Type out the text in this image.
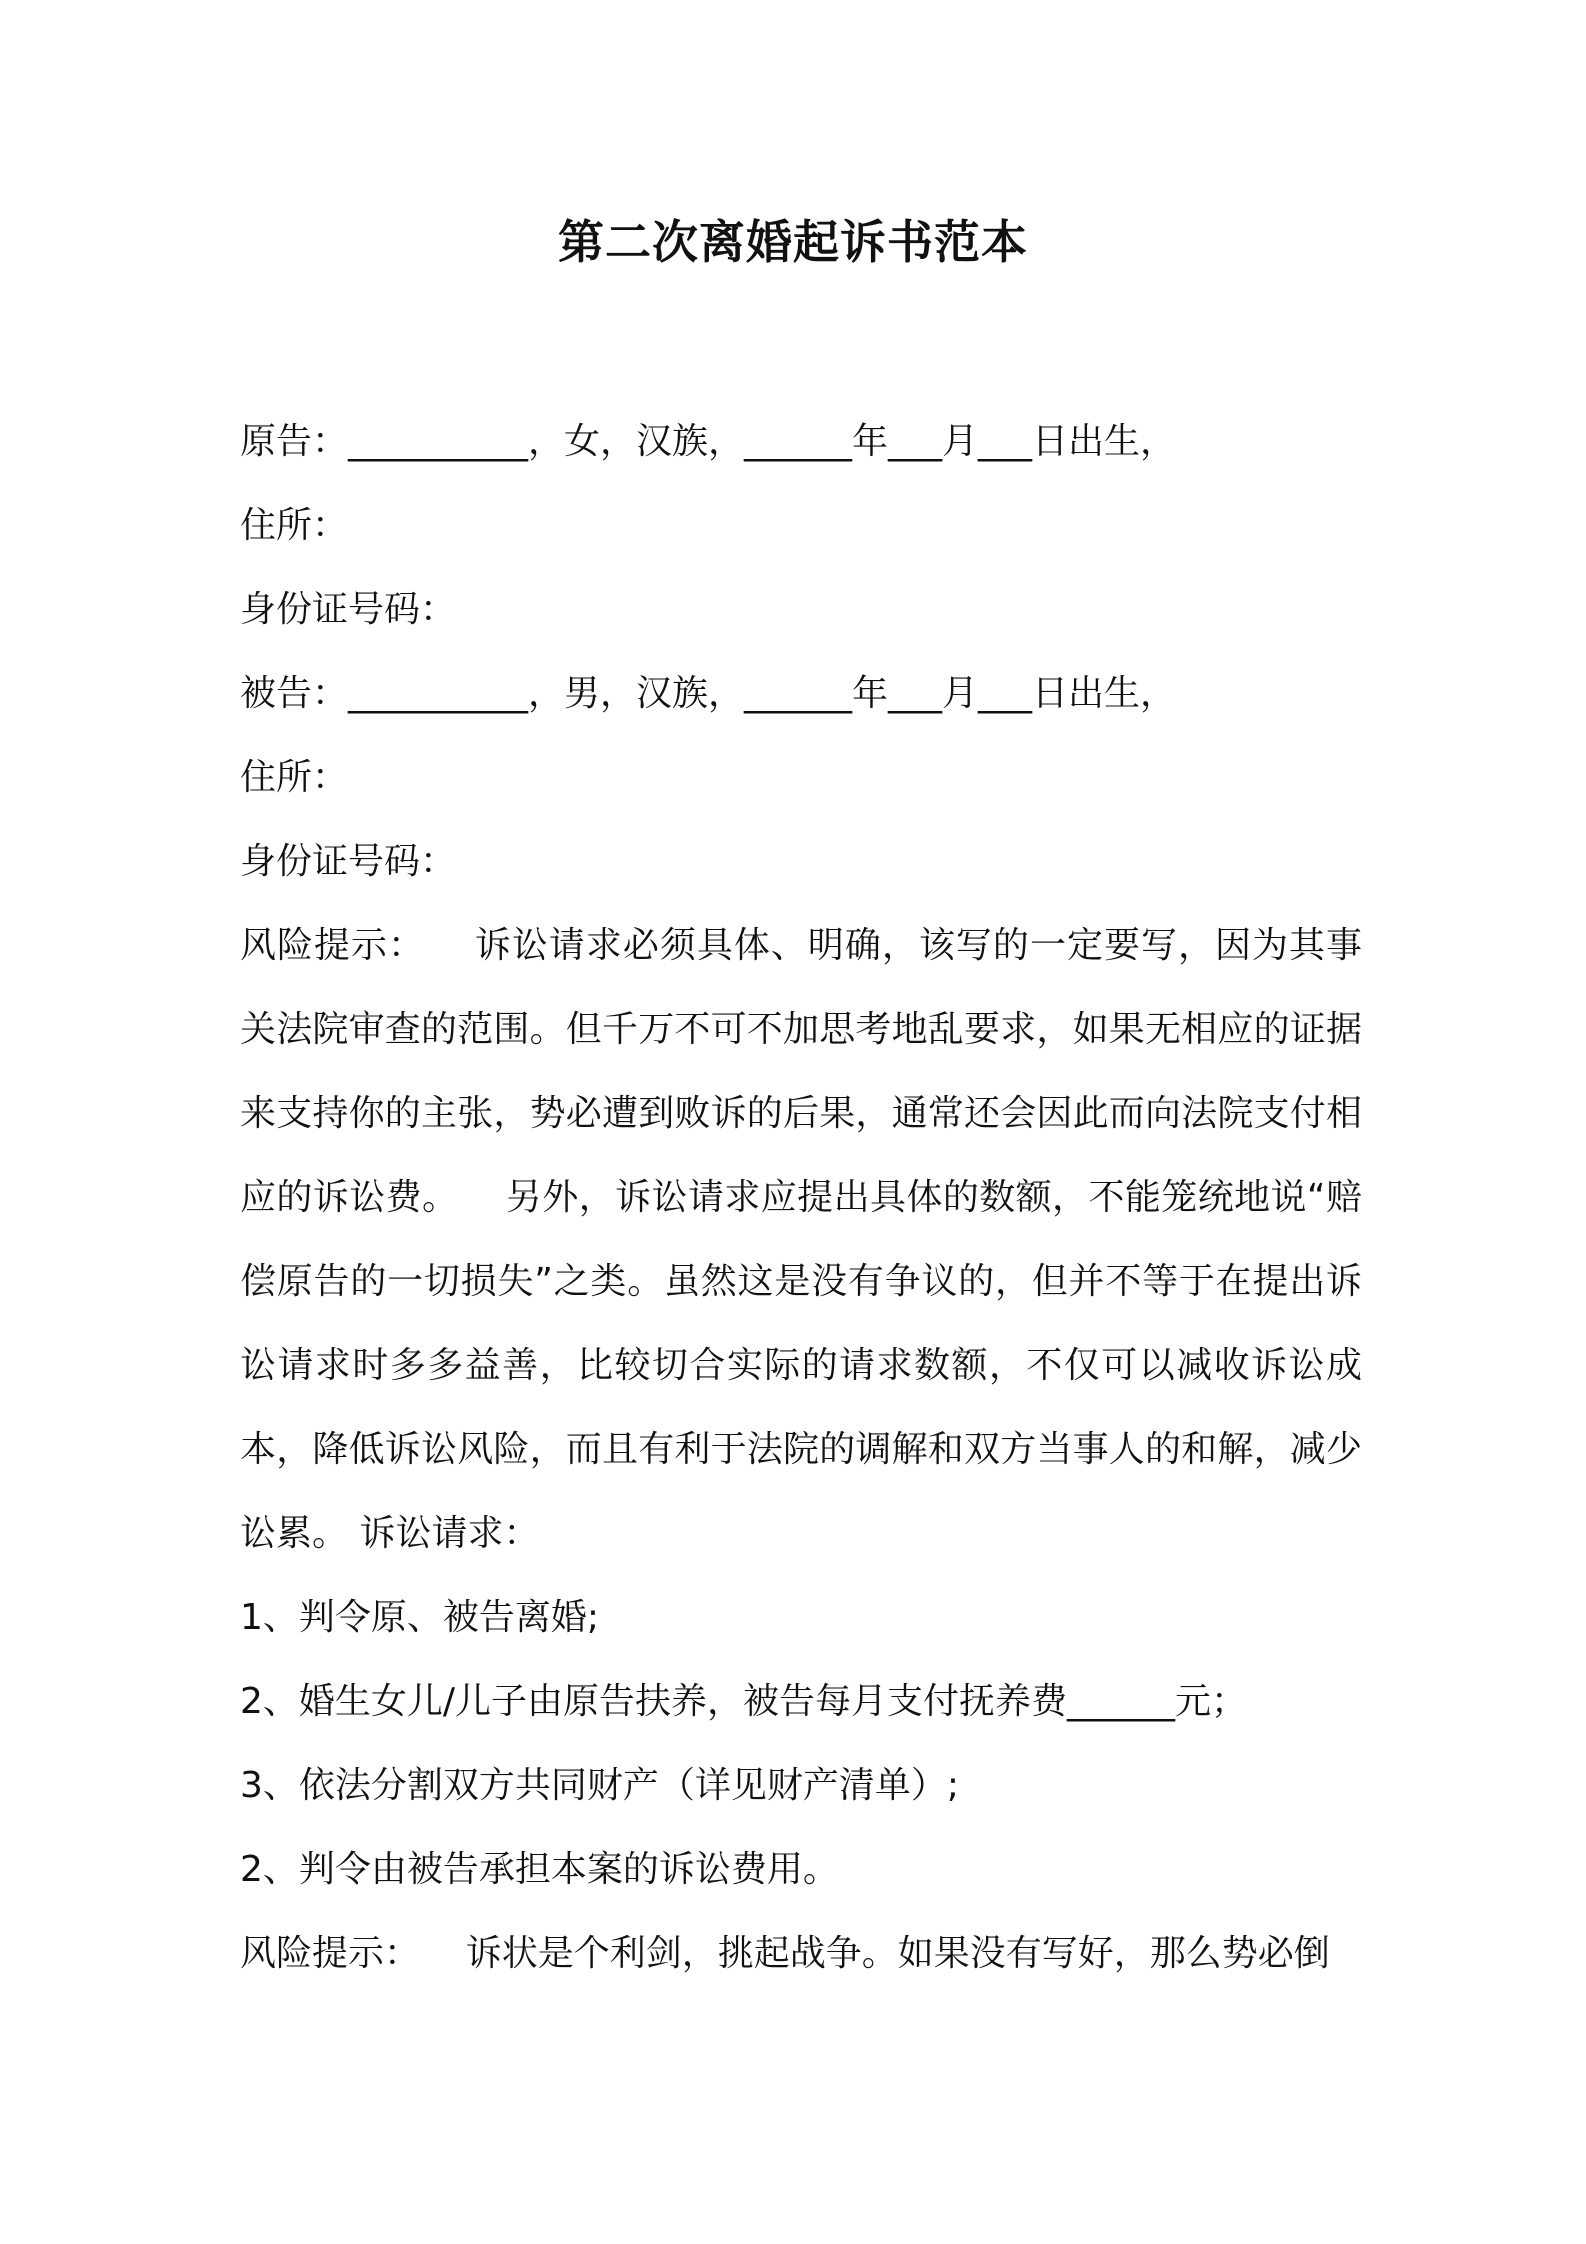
第二次离婚起诉书范本
原告：__________，女，汉族，______年___月___日出生，
住所：
身份证号码：
被告：__________，男，汉族，______年___月___日出生，
住所：
身份证号码：
风险提示：    诉讼请求必须具体、明确，该写的一定要写，因为其事关法院审查的范围。但千万不可不加思考地乱要求，如果无相应的证据来支持你的主张，势必遭到败诉的后果，通常还会因此而向法院支付相应的诉讼费。    另外，诉讼请求应提出具体的数额，不能笼统地说“赔偿原告的一切损失”之类。虽然这是没有争议的，但并不等于在提出诉讼请求时多多益善，比较切合实际的请求数额，不仅可以减收诉讼成本，降低诉讼风险，而且有利于法院的调解和双方当事人的和解，减少讼累。 诉讼请求：
1、判令原、被告离婚;
2、婚生女儿/儿子由原告扶养，被告每月支付抚养费______元；
3、依法分割双方共同财产（详见财产清单）;
2、判令由被告承担本案的诉讼费用。
风险提示：    诉状是个利剑，挑起战争。如果没有写好，那么势必倒
